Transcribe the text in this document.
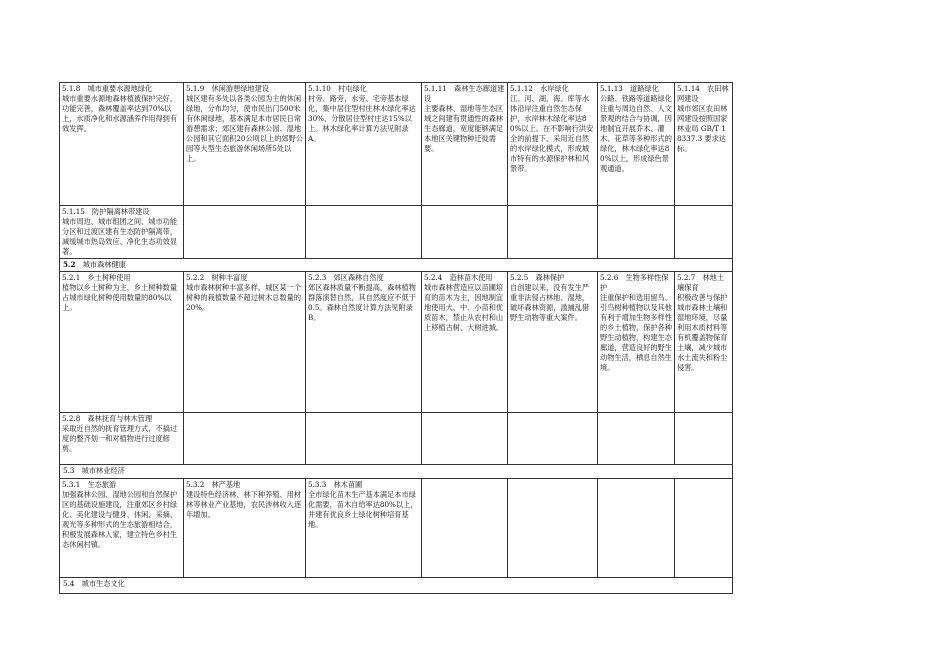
5.1.8　城市重要水源地绿化
城市重要水源地森林植被保护完好，功能完善，森林覆盖率达到70%以上，水质净化和水源涵养作用得到有效发挥。	5.1.9　休闲游憩绿地建设
城区建有多处以各类公园为主的休闲绿地，分布均匀，使市民出门500米有休闲绿地，基本满足本市居民日常游憩需求；郊区建有森林公园、湿地公园和其它面积20公顷以上的郊野公园等大型生态旅游休闲场所5处以上。	5.1.10　村屯绿化
村旁、路旁、水旁、宅旁基本绿化，集中居住型村庄林木绿化率达30%，分散居住型村庄达15%以上。林木绿化率计算方法见附录A。	5.1.11　森林生态廊道建设
主要森林、湿地等生态区域之间建有贯通性的森林生态廊道，宽度能够满足本地区关键物种迁徙需要。	5.1.12　水岸绿化
江、河、湖、海、库等水体沿岸注重自然生态保护，水岸林木绿化率达80%以上。在不影响行洪安全的前提下，采用近自然的水岸绿化模式，形成城市特有的水源保护林和风景带。	5.1.13　道路绿化
公路、铁路等道路绿化注重与周边自然、人文景观的结合与协调，因地制宜开展乔木、灌木、花草等多种形式的绿化，林木绿化率达80%以上，形成绿色景观通道。	5.1.14　农田林网建设
城市郊区农田林网建设按照国家林业局 GB/T 18337.3 要求达标。

5.1.15　防护隔离林带建设
城市周边、城市组团之间、城市功能分区和过渡区建有生态防护隔离带，减缓城市热岛效应、净化生态功效显著。						

5.2　城市森林健康						

5.2.1　乡土树种使用
植物以乡土树种为主，乡土树种数量占城市绿化树种使用数量的80%以上。	5.2.2　树种丰富度
城市森林树种丰富多样，城区某一个树种的栽植数量不超过树木总数量的20%。	5.2.3　郊区森林自然度
郊区森林质量不断提高，森林植物群落演替自然，其自然度应不低于0.5。森林自然度计算方法见附录B。	5.2.4　造林苗木使用
城市森林营造应以苗圃培育的苗木为主，因地制宜地使用大、中、小苗和优质苗木，禁止从农村和山上移植古树、大树进城。	5.2.5　森林保护
自创建以来，没有发生严重非法侵占林地、湿地，破坏森林资源，滥捕乱猎野生动物等重大案件。	5.2.6　生物多样性保护
注重保护和选用留鸟、引鸟树种植物以及其他有利于增加生物多样性的乡土植物，保护各种野生动植物，构建生态廊道，营造良好的野生动物生活，栖息自然生境。	5.2.7　林地土壤保育
积极改善与保护城市森林土壤和湿地环境，尽量利用木质材料等有机覆盖物保育土壤，减少城市水土流失和粉尘侵害。

5.2.8　森林抚育与林木管理
采取近自然的抚育管理方式，不搞过度的整齐划一和对植物进行过度修剪。						

5.3　城市林业经济						

5.3.1　生态旅游
加强森林公园、湿地公园和自然保护区的基础设施建设，注重郊区乡村绿化、美化建设与健身、休闲、采摘、观光等多种形式的生态旅游相结合，积极发展森林人家，建立特色乡村生态休闲村镇。	5.3.2　林产基地
建设特色经济林、林下种养殖、用材林等林业产业基地，农民涉林收入逐年增加。	5.3.3　林木苗圃
全市绿化苗木生产基本满足本市绿化需要，苗木自给率达80%以上，并建有优良乡土绿化树种培育基地。				

5.4　城市生态文化						
